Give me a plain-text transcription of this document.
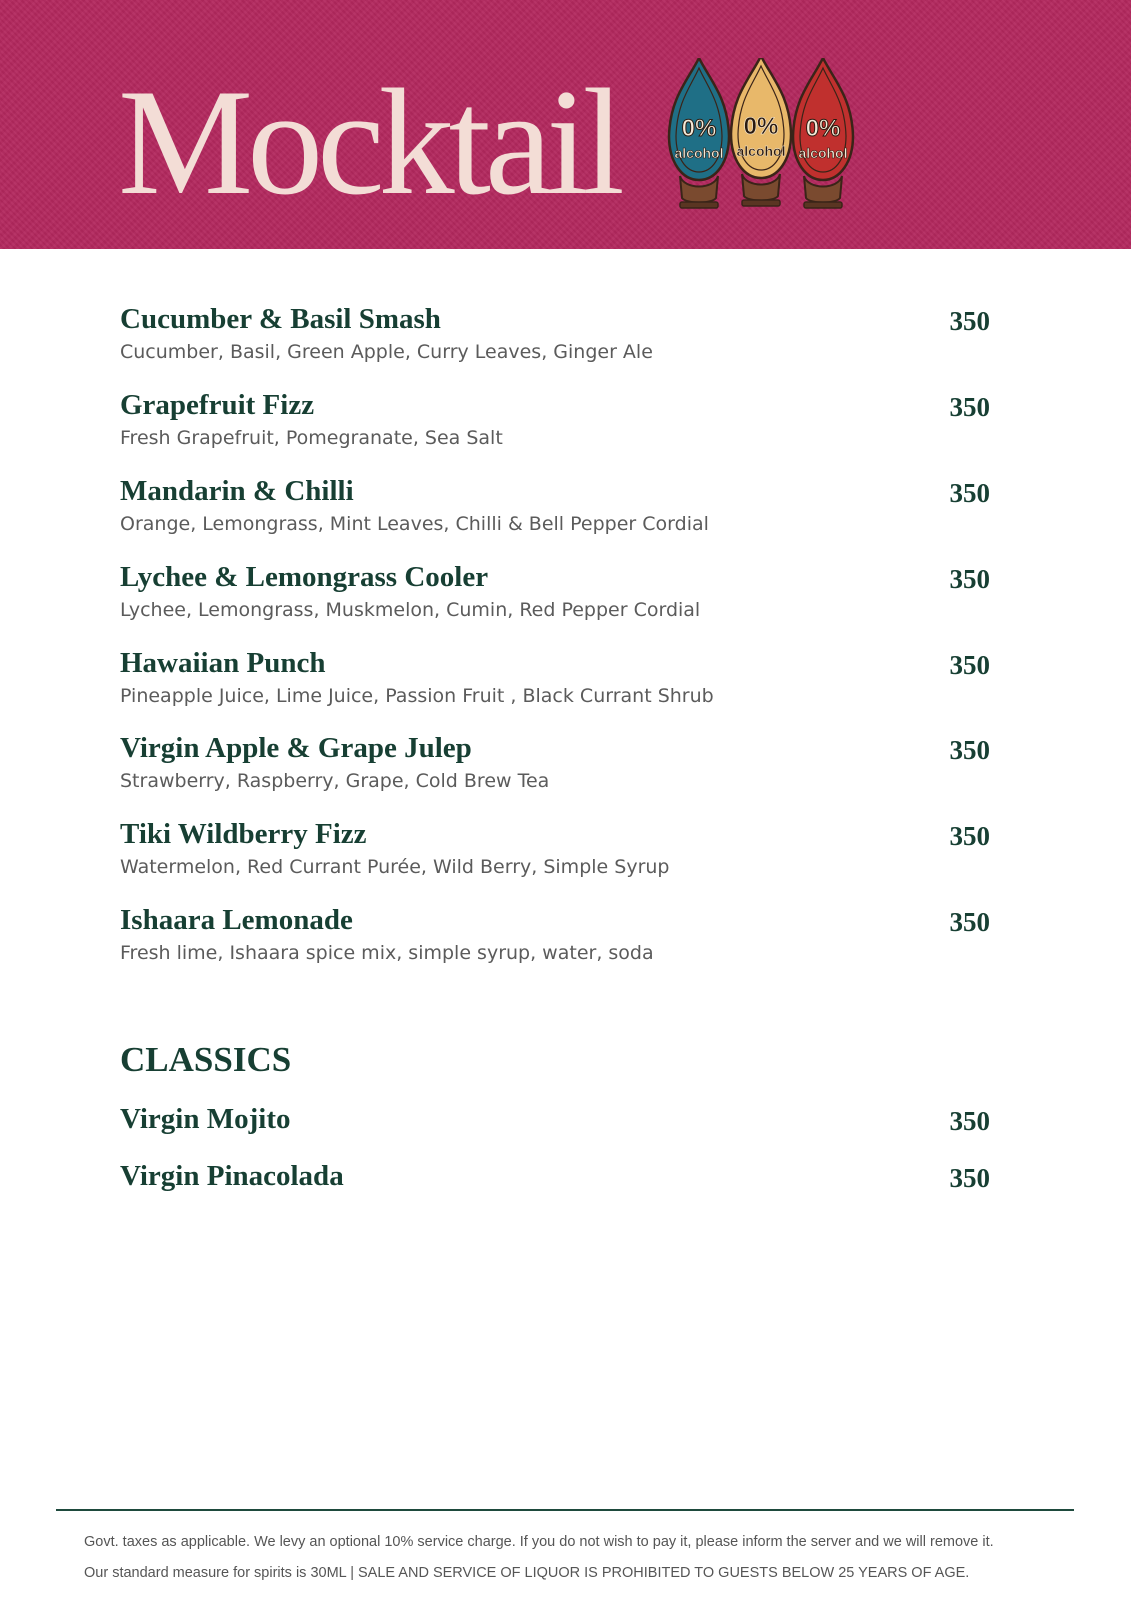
Mocktail	0%
alcohol
0%
alcohol
0%
alcohol
Cucumber & Basil Smash	350
Cucumber, Basil, Green Apple, Curry Leaves, Ginger Ale
Grapefruit Fizz	350
Fresh Grapefruit, Pomegranate, Sea Salt
Mandarin & Chilli	350
Orange, Lemongrass, Mint Leaves, Chilli & Bell Pepper Cordial
Lychee & Lemongrass Cooler	350
Lychee, Lemongrass, Muskmelon, Cumin, Red Pepper Cordial
Hawaiian Punch	350
Pineapple Juice, Lime Juice, Passion Fruit , Black Currant Shrub
Virgin Apple & Grape Julep	350
Strawberry, Raspberry, Grape, Cold Brew Tea
Tiki Wildberry Fizz	350
Watermelon, Red Currant Purée, Wild Berry, Simple Syrup
Ishaara Lemonade	350
Fresh lime, Ishaara spice mix, simple syrup, water, soda
CLASSICS
Virgin Mojito	350
Virgin Pinacolada	350
Govt. taxes as applicable. We levy an optional 10% service charge. If you do not wish to pay it, please inform the server and we will remove it.
Our standard measure for spirits is 30ML | SALE AND SERVICE OF LIQUOR IS PROHIBITED TO GUESTS BELOW 25 YEARS OF AGE.
